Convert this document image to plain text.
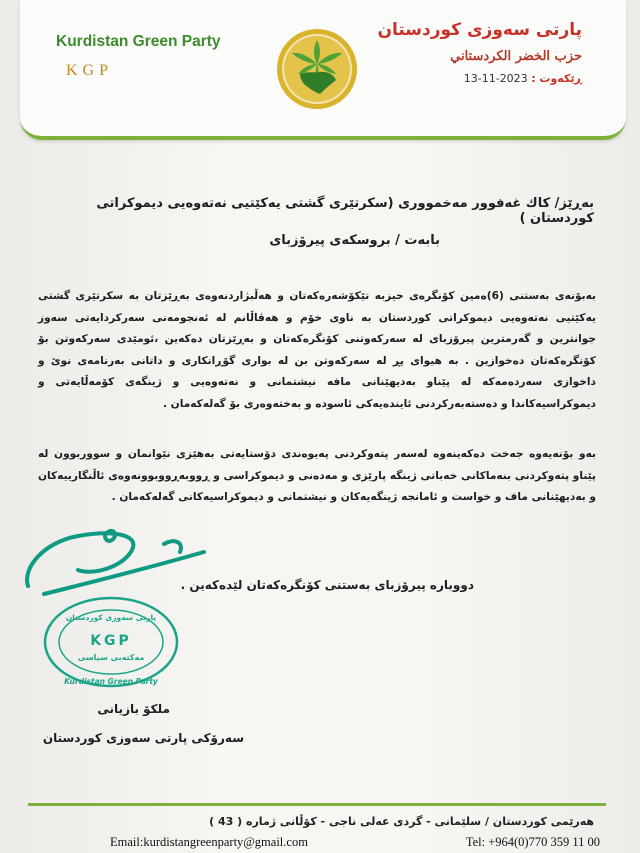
Kurdistan Green Party
KGP
پارتی سەوزی کوردستان
حزب الخضر الكردستاني
ڕێکەوت : 2023-11-13

بەڕێز/ کاك غەفوور مەخمووری (سكرتێری گشتی یەکێتیی نەتەوەیی دیموکراتی کوردستان )

بابەت / بروسکەی پیرۆزبای

بەبۆنەی بەستنی (6)ەمین کۆنگرەی حیزبە تێکۆشەرەکەتان و هەڵبژاردنەوەی بەڕێزتان بە سکرتێری گشتی یەکێتیی نەتەوەیی دیموکراتی کوردستان بە ناوی خۆم و هەڤاڵانم لە ئەنجومەنی سەرکردایەتی سەوز جوانترین و گەرمترین پیرۆزبای لە سەرکەوتنی کۆنگرەکەتان و بەڕێزتان دەکەین ،ئومێدی سەرکەوتن بۆ کۆنگرەکەتان دەخوازین . بە هیوای پڕ لە سەرکەوتن بن لە بواری گۆڕانکاری و داتانی بەرنامەی نوێ و داخوازی سەردەمەکە لە پێناو بەدیهێنانی مافە نیشتمانی و نەتەوەیی و ژینگەی کۆمەڵایەتی و دیموکراسیەکاندا و دەستەبەرکردنی ئایندەیەکی ئاسودە و بەختەوەری بۆ گەلەکەمان .

بەو بۆنەیەوە جەخت دەکەینەوە لەسەر پتەوکردنی پەیوەندی دۆستایەتی بەهێزی نێوانمان و سووربوون لە پێناو پتەوکردنی بنەماکانی خەباتی ژینگە پارێزی و مەدەنی و دیموکراسی و ڕووبەڕووبوونەوەی ئاڵنگارییەکان و بەدیهێنانی ماف و خواست و ئامانجە ژینگەیەکان و نیشتمانی و دیموکراسیەکانی گەلەکەمان .

دووبارە پیرۆزبای بەستنی کۆنگرەکەتان لێدەکەین .

پارتی سەوزی کوردستان
KGP
مەکتەبی سیاسی
Kurdistan Green Party

ملکۆ بازیانی

سەرۆکی پارتی سەوزی کوردستان

هەرێمی کوردستان / سلێمانی - گردی عەلی ناجی - کۆڵانی ژمارە ( 43 )

Email:kurdistangreenparty@gmail.com	Tel: +964(0)770 359 11 00
